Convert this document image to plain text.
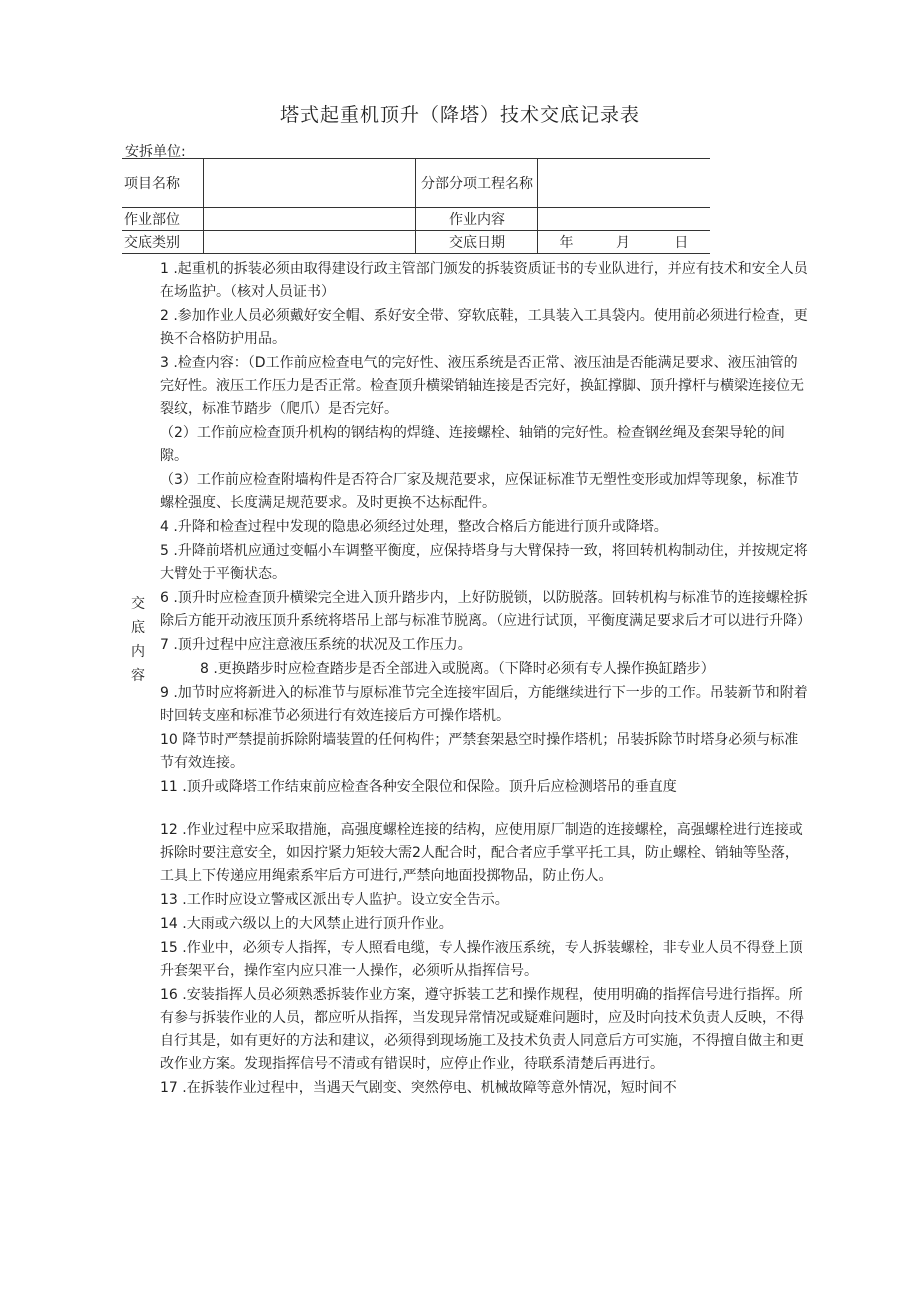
塔式起重机顶升（降塔）技术交底记录表
安拆单位:
项目名称		分部分项工程名称	
作业部位		作业内容	
交底类别		交底日期	年 月 日
交
底
内
容

1 .起重机的拆装必须由取得建设行政主管部门颁发的拆装资质证书的专业队进行，并应有技术和安全人员在场监护。（核对人员证书）

2 .参加作业人员必须戴好安全帽、系好安全带、穿软底鞋，工具装入工具袋内。使用前必须进行检查，更换不合格防护用品。

3 .检查内容：（D工作前应检查电气的完好性、液压系统是否正常、液压油是否能满足要求、液压油管的完好性。液压工作压力是否正常。检查顶升横梁销轴连接是否完好，换缸撑脚、顶升撑杆与横梁连接位无裂纹，标准节踏步（爬爪）是否完好。

（2）工作前应检查顶升机构的钢结构的焊缝、连接螺栓、轴销的完好性。检查钢丝绳及套架导轮的间隙。

（3）工作前应检查附墙构件是否符合厂家及规范要求，应保证标准节无塑性变形或加焊等现象，标准节螺栓强度、长度满足规范要求。及时更换不达标配件。

4 .升降和检查过程中发现的隐患必须经过处理，整改合格后方能进行顶升或降塔。

5 .升降前塔机应通过变幅小车调整平衡度，应保持塔身与大臂保持一致，将回转机构制动住，并按规定将大臂处于平衡状态。

6 .顶升时应检查顶升横梁完全进入顶升踏步内，上好防脱锁，以防脱落。回转机构与标准节的连接螺栓拆除后方能开动液压顶升系统将塔吊上部与标准节脱离。（应进行试顶，平衡度满足要求后才可以进行升降）

7 .顶升过程中应注意液压系统的状况及工作压力。

8 .更换踏步时应检查踏步是否全部进入或脱离。（下降时必须有专人操作换缸踏步）

9 .加节时应将新进入的标准节与原标准节完全连接牢固后，方能继续进行下一步的工作。吊装新节和附着时回转支座和标准节必须进行有效连接后方可操作塔机。

10 降节时严禁提前拆除附墙装置的任何构件；严禁套架悬空时操作塔机；吊装拆除节时塔身必须与标准节有效连接。

11 .顶升或降塔工作结束前应检查各种安全限位和保险。顶升后应检测塔吊的垂直度

12 .作业过程中应采取措施，高强度螺栓连接的结构，应使用原厂制造的连接螺栓，高强螺栓进行连接或拆除时要注意安全，如因拧紧力矩较大需2人配合时，配合者应手掌平托工具，防止螺栓、销轴等坠落，工具上下传递应用绳索系牢后方可进行,严禁向地面投掷物品，防止伤人。

13 .工作时应设立警戒区派出专人监护。设立安全告示。

14 .大雨或六级以上的大风禁止进行顶升作业。

15 .作业中，必须专人指挥，专人照看电缆，专人操作液压系统，专人拆装螺栓，非专业人员不得登上顶升套架平台，操作室内应只准一人操作，必须听从指挥信号。

16 .安装指挥人员必须熟悉拆装作业方案，遵守拆装工艺和操作规程，使用明确的指挥信号进行指挥。所有参与拆装作业的人员，都应听从指挥，当发现异常情况或疑难问题时，应及时向技术负责人反映，不得自行其是，如有更好的方法和建议，必须得到现场施工及技术负责人同意后方可实施，不得擅自做主和更改作业方案。发现指挥信号不清或有错误时，应停止作业，待联系清楚后再进行。

17 .在拆装作业过程中，当遇天气剧变、突然停电、机械故障等意外情况，短时间不
